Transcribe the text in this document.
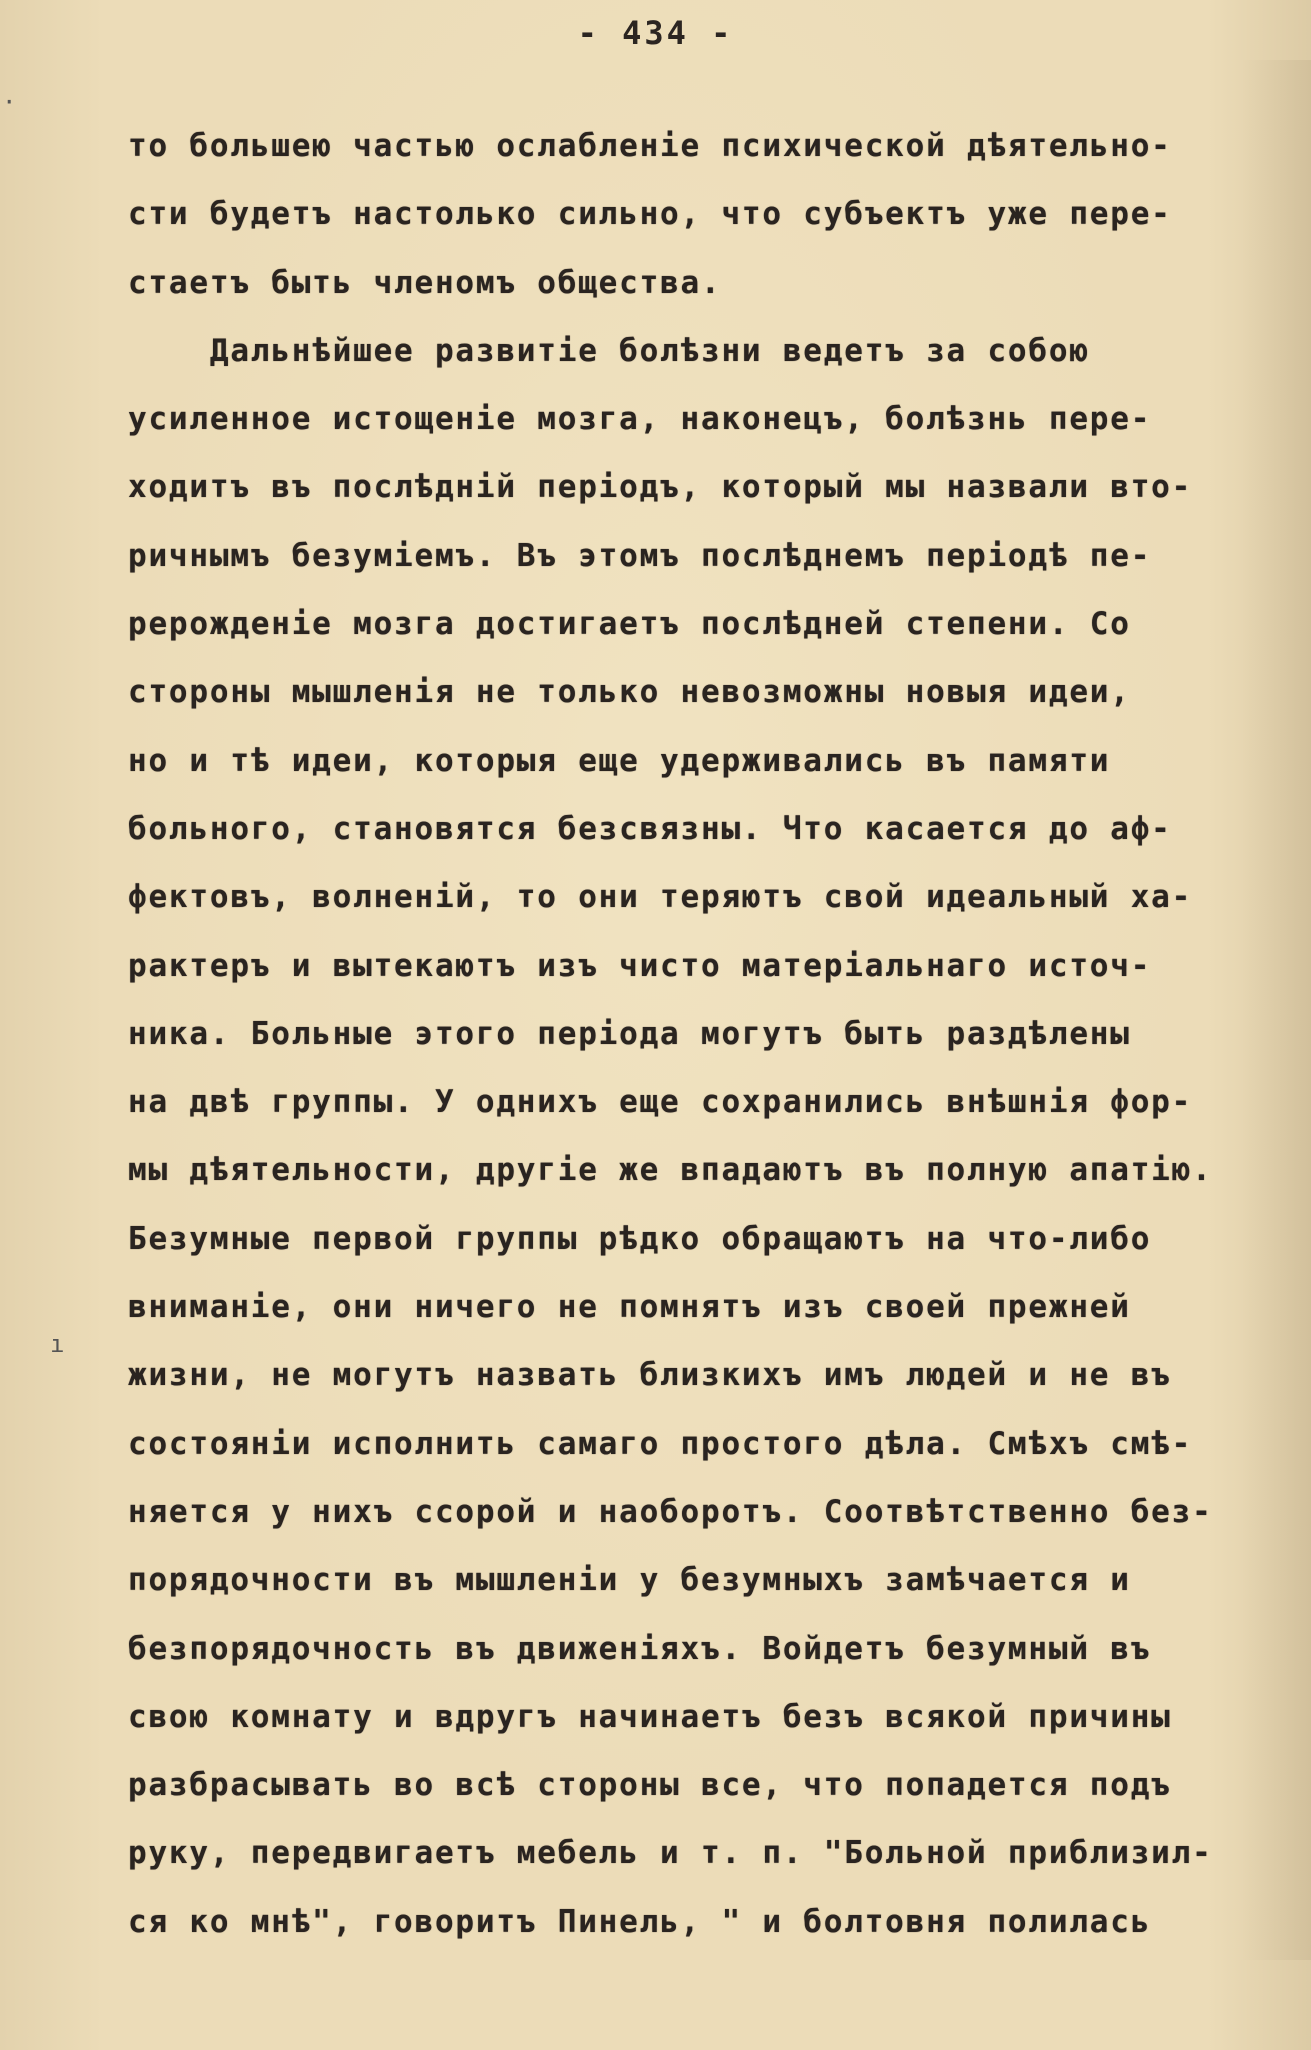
- 434 -
то большею частью ослабленіе психической дѣятельно-
сти будетъ настолько сильно, что субъектъ уже пере-
стаетъ быть членомъ общества.
Дальнѣйшее развитіе болѣзни ведетъ за собою
усиленное истощеніе мозга, наконецъ, болѣзнь пере-
ходитъ въ послѣдній періодъ, который мы назвали вто-
ричнымъ безуміемъ. Въ этомъ послѣднемъ періодѣ пе-
рерожденіе мозга достигаетъ послѣдней степени. Со
стороны мышленія не только невозможны новыя идеи,
но и тѣ идеи, которыя еще удерживались въ памяти
больного, становятся безсвязны. Что касается до аф-
фектовъ, волненій, то они теряютъ свой идеальный ха-
рактеръ и вытекаютъ изъ чисто матеріальнаго источ-
ника. Больные этого періода могутъ быть раздѣлены
на двѣ группы. У однихъ еще сохранились внѣшнія фор-
мы дѣятельности, другіе же впадаютъ въ полную апатію.
Безумные первой группы рѣдко обращаютъ на что-либо
вниманіе, они ничего не помнятъ изъ своей прежней
жизни, не могутъ назвать близкихъ имъ людей и не въ
состояніи исполнить самаго простого дѣла. Смѣхъ смѣ-
няется у нихъ ссорой и наоборотъ. Соотвѣтственно без-
порядочности въ мышленіи у безумныхъ замѣчается и
безпорядочность въ движеніяхъ. Войдетъ безумный въ
свою комнату и вдругъ начинаетъ безъ всякой причины
разбрасывать во всѣ стороны все, что попадется подъ
руку, передвигаетъ мебель и т. п. "Больной приблизил-
ся ко мнѣ", говоритъ Пинель, " и болтовня полилась
·
ı
